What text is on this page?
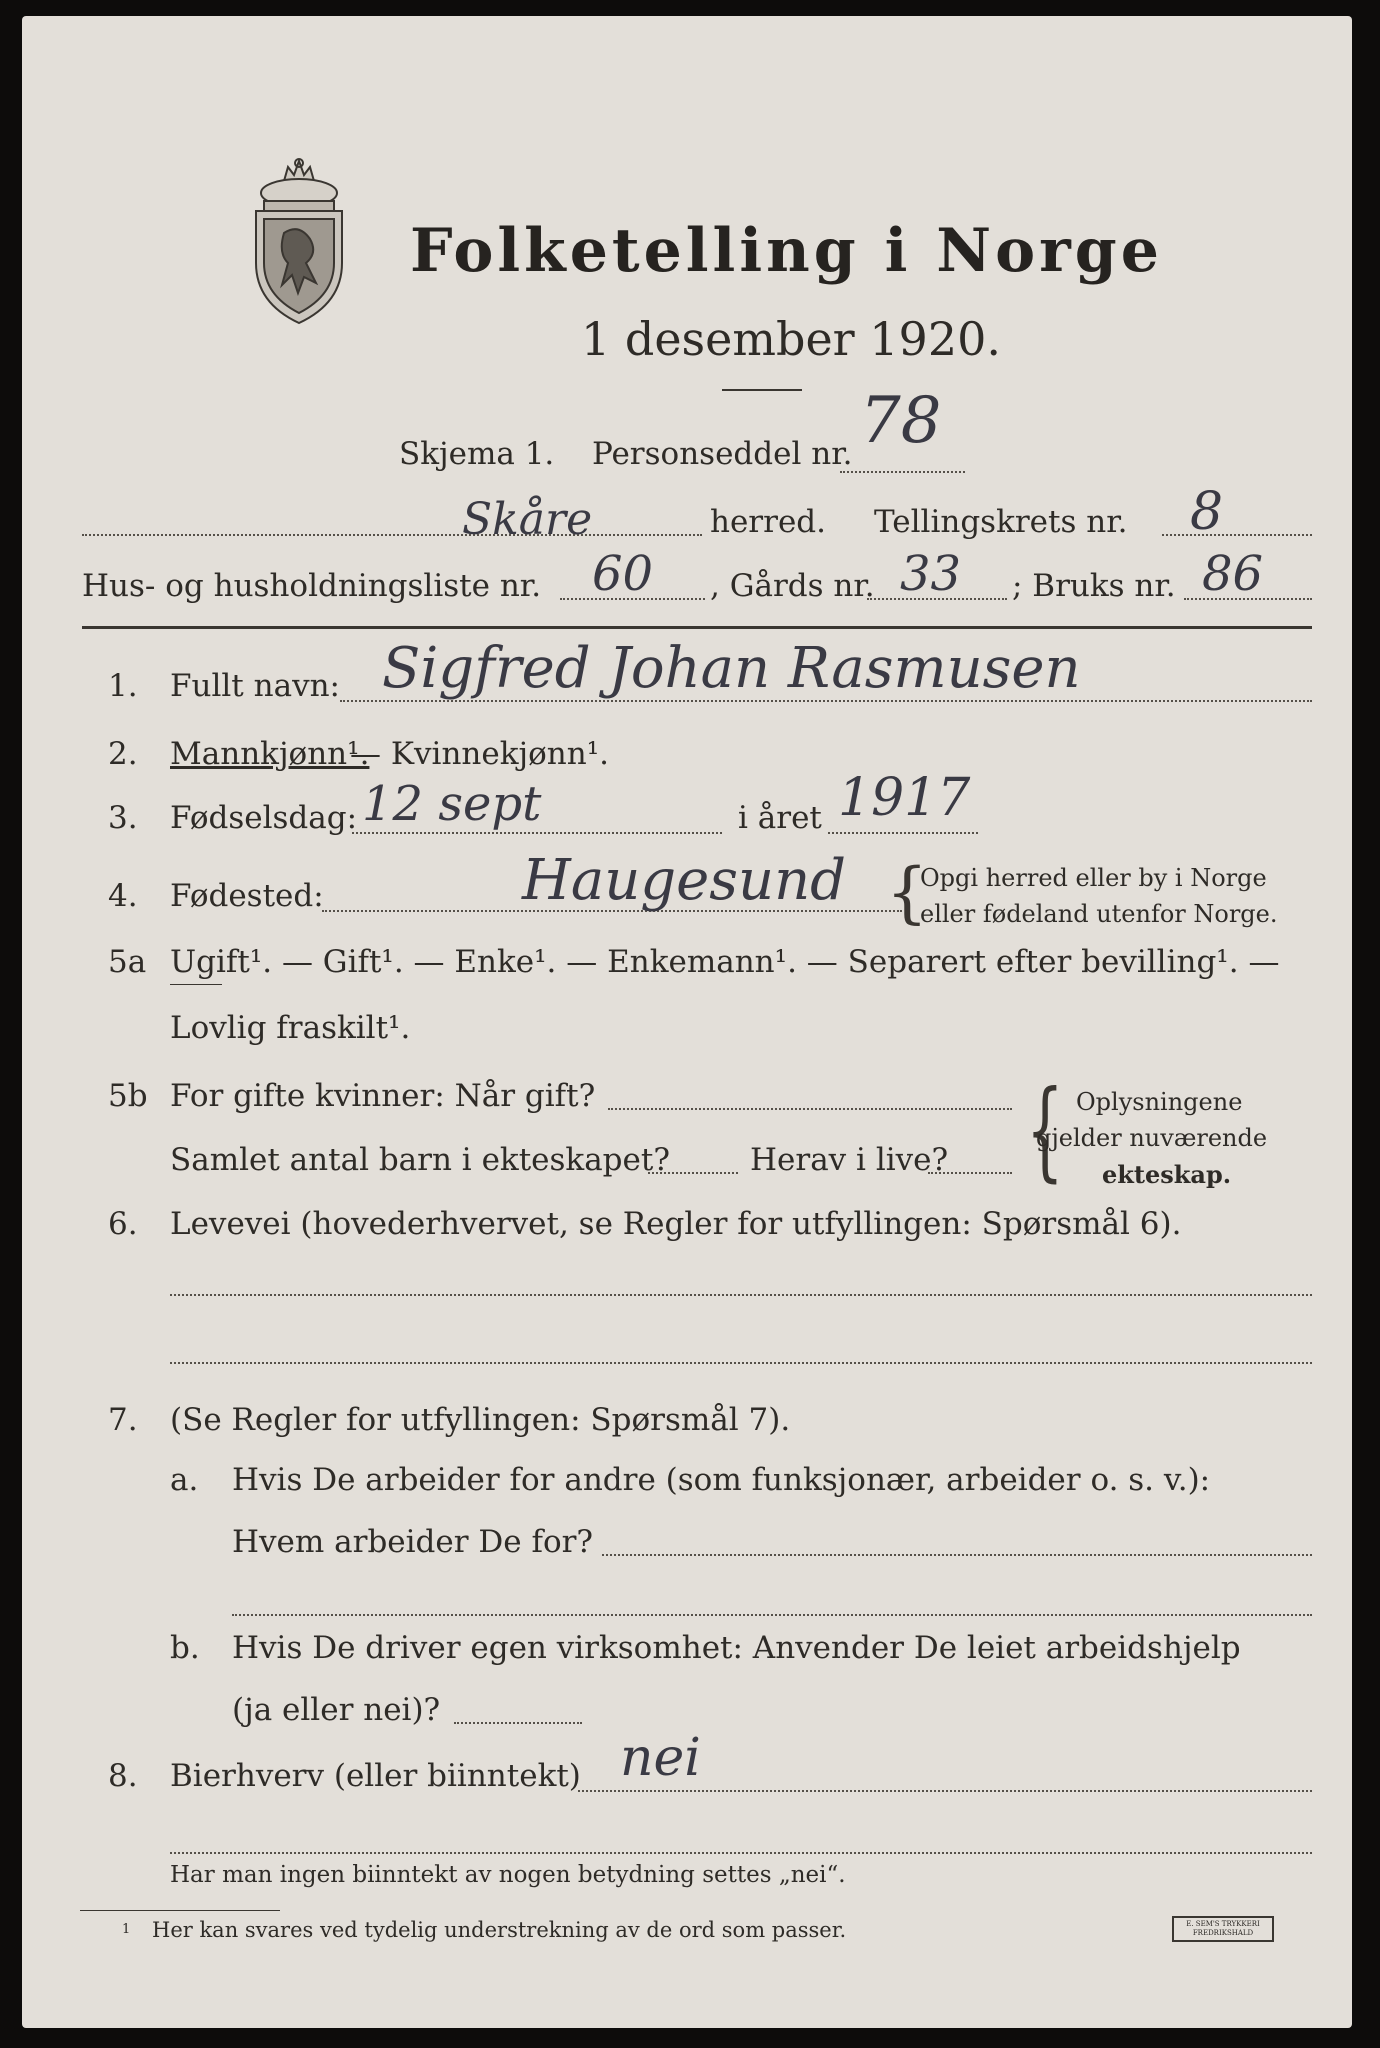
Folketelling i Norge
1 desember 1920.
Skjema 1. Personseddel nr. 78
Skåre	herred. Tellingskrets nr. 8
Hus- og husholdningsliste nr. 60 , Gårds nr. 33 ; Bruks nr. 86
1. Fullt navn: Sigfred Johan Rasmusen
2. Mannkjønn¹.
— Kvinnekjønn¹.
3. Fødselsdag: 12 sept	i året 1917
4. Fødested:	Haugesund {
Opgi herred eller by i Norge
eller fødeland utenfor Norge.
5a Ugift¹. — Gift¹. — Enke¹. — Enkemann¹. — Separert efter bevilling¹. —
Lovlig fraskilt¹.
5b For gifte kvinner: Når gift?
Samlet antal barn i ekteskapet?	Herav i live? { Oplysningene
gjelder nuværende
ekteskap.
6. Levevei (hovederhvervet, se Regler for utfyllingen: Spørsmål 6).
7. (Se Regler for utfyllingen: Spørsmål 7).
a. Hvis De arbeider for andre (som funksjonær, arbeider o. s. v.):
Hvem arbeider De for?
b. Hvis De driver egen virksomhet: Anvender De leiet arbeidshjelp
(ja eller nei)?
8. Bierhverv (eller biinntekt) nei
Har man ingen biinntekt av nogen betydning settes „nei“.
1 Her kan svares ved tydelig understrekning av de ord som passer.	E. SEM'S TRYKKERI
FREDRIKSHALD
